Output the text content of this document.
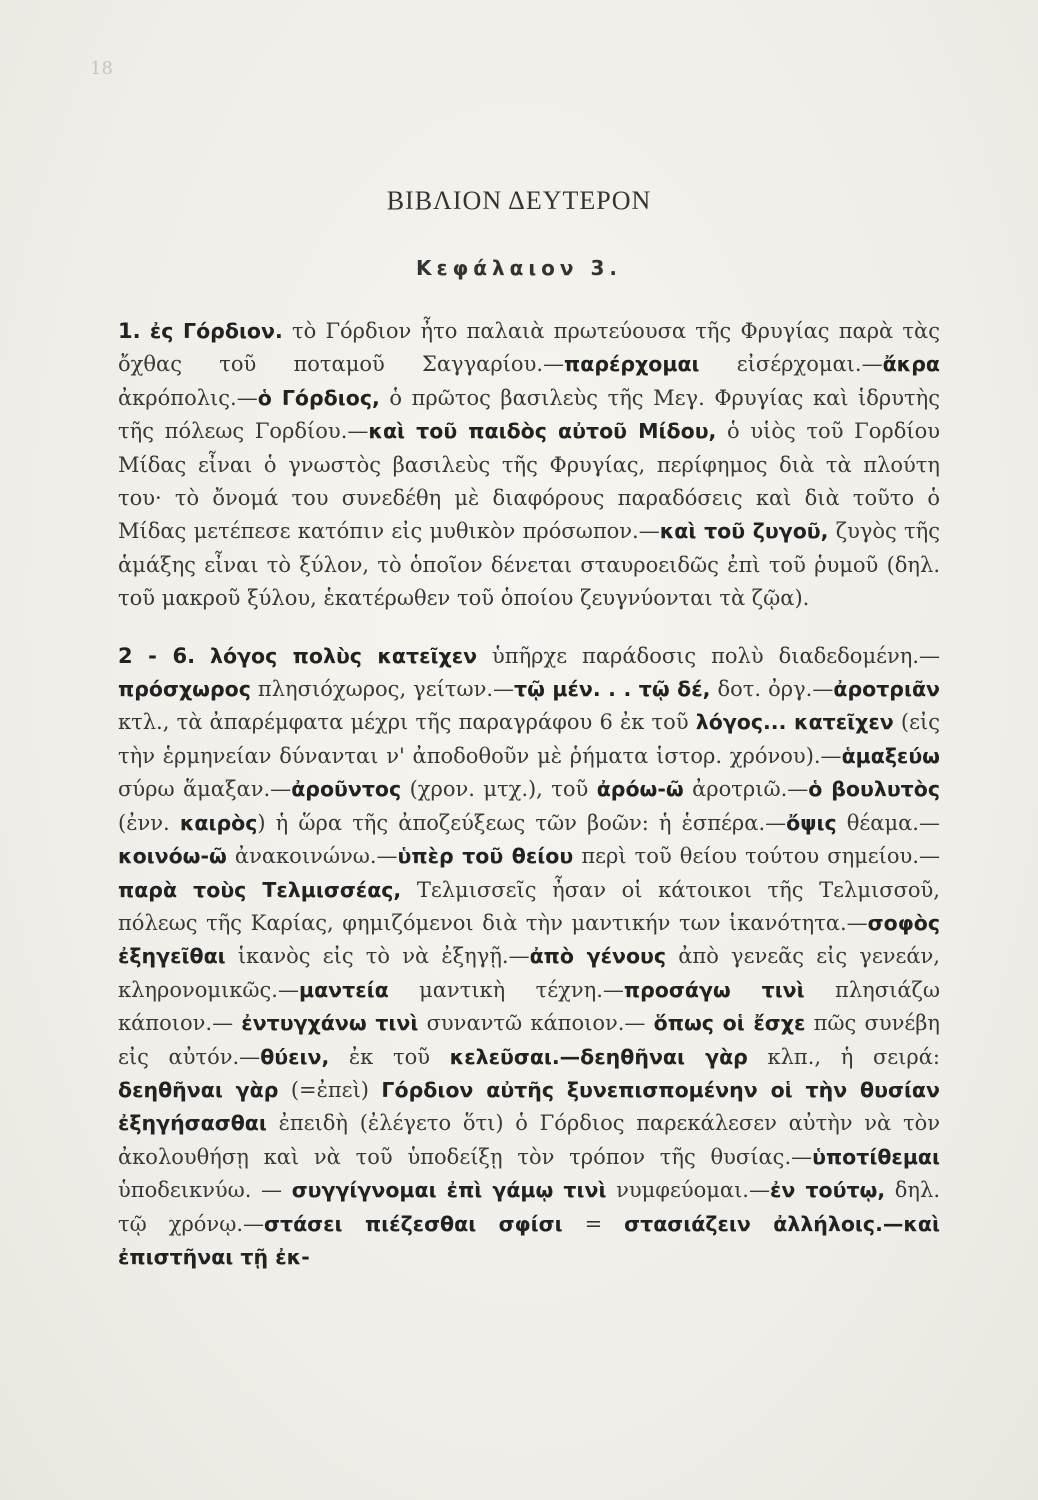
18
ΒΙΒΛΙΟΝ ΔΕΥΤΕΡΟΝ
Κεφάλαιον 3.

1. ἐς Γόρδιον. τὸ Γόρδιον ἦτο παλαιὰ πρωτεύουσα τῆς Φρυγίας παρὰ τὰς ὄχθας τοῦ ποταμοῦ Σαγγαρίου.—παρέρχομαι εἰσέρχομαι.—ἄκρα ἀκρόπολις.—ὁ Γόρδιος, ὁ πρῶτος βασιλεὺς τῆς Μεγ. Φρυγίας καὶ ἱδρυτὴς τῆς πόλεως Γορδίου.—καὶ τοῦ παιδὸς αὐτοῦ Μίδου, ὁ υἱὸς τοῦ Γορδίου Μίδας εἶναι ὁ γνωστὸς βασιλεὺς τῆς Φρυγίας, περίφημος διὰ τὰ πλούτη του· τὸ ὄνομά του συνεδέθη μὲ διαφόρους παραδόσεις καὶ διὰ τοῦτο ὁ Μίδας μετέπεσε κατόπιν εἰς μυθικὸν πρόσωπον.—καὶ τοῦ ζυγοῦ, ζυγὸς τῆς ἁμάξης εἶναι τὸ ξύλον, τὸ ὁποῖον δένεται σταυροειδῶς ἐπὶ τοῦ ῥυμοῦ (δηλ. τοῦ μακροῦ ξύλου, ἑκατέρωθεν τοῦ ὁποίου ζευγνύονται τὰ ζῷα).

2 - 6. λόγος πολὺς κατεῖχεν ὑπῆρχε παράδοσις πολὺ διαδεδομένη.—πρόσχωρος πλησιόχωρος, γείτων.—τῷ μέν. . . τῷ δέ, δοτ. ὀργ.—ἀροτριᾶν κτλ., τὰ ἀπαρέμφατα μέχρι τῆς παραγράφου 6 ἐκ τοῦ λόγος... κατεῖχεν (εἰς τὴν ἑρμηνείαν δύνανται ν' ἀποδοθοῦν μὲ ῥήματα ἱστορ. χρόνου).—ἁμαξεύω σύρω ἅμαξαν.—ἀροῦντος (χρον. μτχ.), τοῦ ἀρόω-ῶ ἀροτριῶ.—ὁ βουλυτὸς (ἐνν. καιρὸς) ἡ ὥρα τῆς ἀποζεύξεως τῶν βοῶν: ἡ ἑσπέρα.—ὄψις θέαμα.—κοινόω-ῶ ἀνακοινώνω.—ὑπὲρ τοῦ θείου περὶ τοῦ θείου τούτου σημείου.—παρὰ τοὺς Τελμισσέας, Τελμισσεῖς ἦσαν οἱ κάτοικοι τῆς Τελμισσοῦ, πόλεως τῆς Καρίας, φημιζόμενοι διὰ τὴν μαντικήν των ἱκανότητα.—σοφὸς ἐξηγεῖθαι ἱκανὸς εἰς τὸ νὰ ἐξηγῇ.—ἀπὸ γένους ἀπὸ γενεᾶς εἰς γενεάν, κληρονομικῶς.—μαντεία μαντικὴ τέχνη.—προσάγω τινὶ πλησιάζω κάποιον.— ἐντυγχάνω τινὶ συναντῶ κάποιον.— ὅπως οἱ ἔσχε πῶς συνέβη εἰς αὐτόν.—θύειν, ἐκ τοῦ κελεῦσαι.—δεηθῆναι γὰρ κλπ., ἡ σειρά: δεηθῆναι γὰρ (=ἐπεὶ) Γόρδιον αὐτῆς ξυνεπισπομένην οἱ τὴν θυσίαν ἐξηγήσασθαι ἐπειδὴ (ἐλέγετο ὅτι) ὁ Γόρδιος παρεκάλεσεν αὐτὴν νὰ τὸν ἀκολουθήσῃ καὶ νὰ τοῦ ὑποδείξῃ τὸν τρόπον τῆς θυσίας.—ὑποτίθεμαι ὑποδεικνύω. — συγγίγνομαι ἐπὶ γάμῳ τινὶ νυμφεύομαι.—ἐν τούτῳ, δηλ. τῷ χρόνῳ.—στάσει πιέζεσθαι σφίσι = στασιάζειν ἀλλήλοις.—καὶ ἐπιστῆναι τῇ ἐκ-
